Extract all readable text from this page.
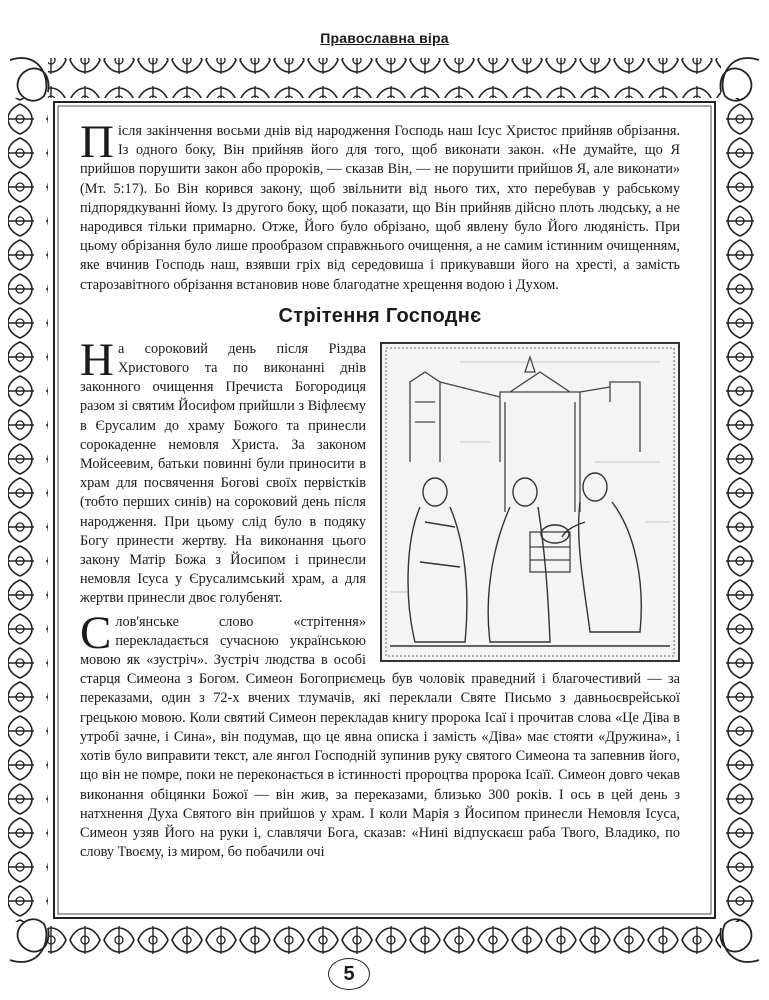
Православна віра

Після закінчення восьми днів від народження Господь наш Ісус Христос прийняв обрізання. Із одного боку, Він прийняв його для того, щоб виконати закон. «Не думайте, що Я прийшов порушити закон або пророків, — сказав Він, — не порушити прийшов Я, але виконати» (Мт. 5:17). Бо Він корився закону, щоб звільнити від нього тих, хто перебував у рабському підпорядкуванні йому. Із другого боку, щоб показати, що Він прийняв дійсно плоть людську, а не народився тільки примарно. Отже, Його було обрізано, щоб явлену було Його людяність. При цьому обрізання було лише прообразом справжнього очищення, а не самим істинним очищенням, яке вчинив Господь наш, взявши гріх від середовиша і прикувавши його на хресті, а замість старозавітного обрізання встановив нове благодатне хрещення водою і Духом.

Стрітення Господнє

На сороковий день після Різдва Христового та по виконанні днів законного очищення Пречиста Богородиця разом зі святим Йосифом прийшли з Віфлеєму в Єрусалим до храму Божого та принесли сорокаденне немовля Христа. За законом Мойсеевим, батьки повинні були приносити в храм для посвячення Богові своїх первістків (тобто перших синів) на сороковий день після народження. При цьому слід було в подяку Богу принести жертву. На виконання цього закону Матір Божа з Йосипом і принесли немовля Ісуса у Єрусалимський храм, а для жертви принесли двоє голубенят.

Слов'янське слово «стрітення» перекладається сучасною українською мовою як «зустріч». Зустріч людства в особі старця Симеона з Богом. Симеон Богоприємець був чоловік праведний і благочестивий — за переказами, один з 72-х вчених тлумачів, які переклали Святе Письмо з давньоєврейської грецькою мовою. Коли святий Симеон перекладав книгу пророка Ісаї і прочитав слова «Це Діва в утробі зачне, і Сина», він подумав, що це явна описка і замість «Діва» має стояти «Дружина», і хотів було виправити текст, але янгол Господній зупинив руку святого Симеона та запевнив його, що він не помре, поки не переконається в істинності пророцтва пророка Ісаїї. Симеон довго чекав виконання обіцянки Божої — він жив, за переказами, близько 300 років. І ось в цей день з натхнення Духа Святого він прийшов у храм. І коли Марія з Йосипом принесли Немовля Ісуса, Симеон узяв Його на руки і, славлячи Бога, сказав: «Нині відпускаєш раба Твого, Владико, по слову Твоєму, із миром, бо побачили очі

5
